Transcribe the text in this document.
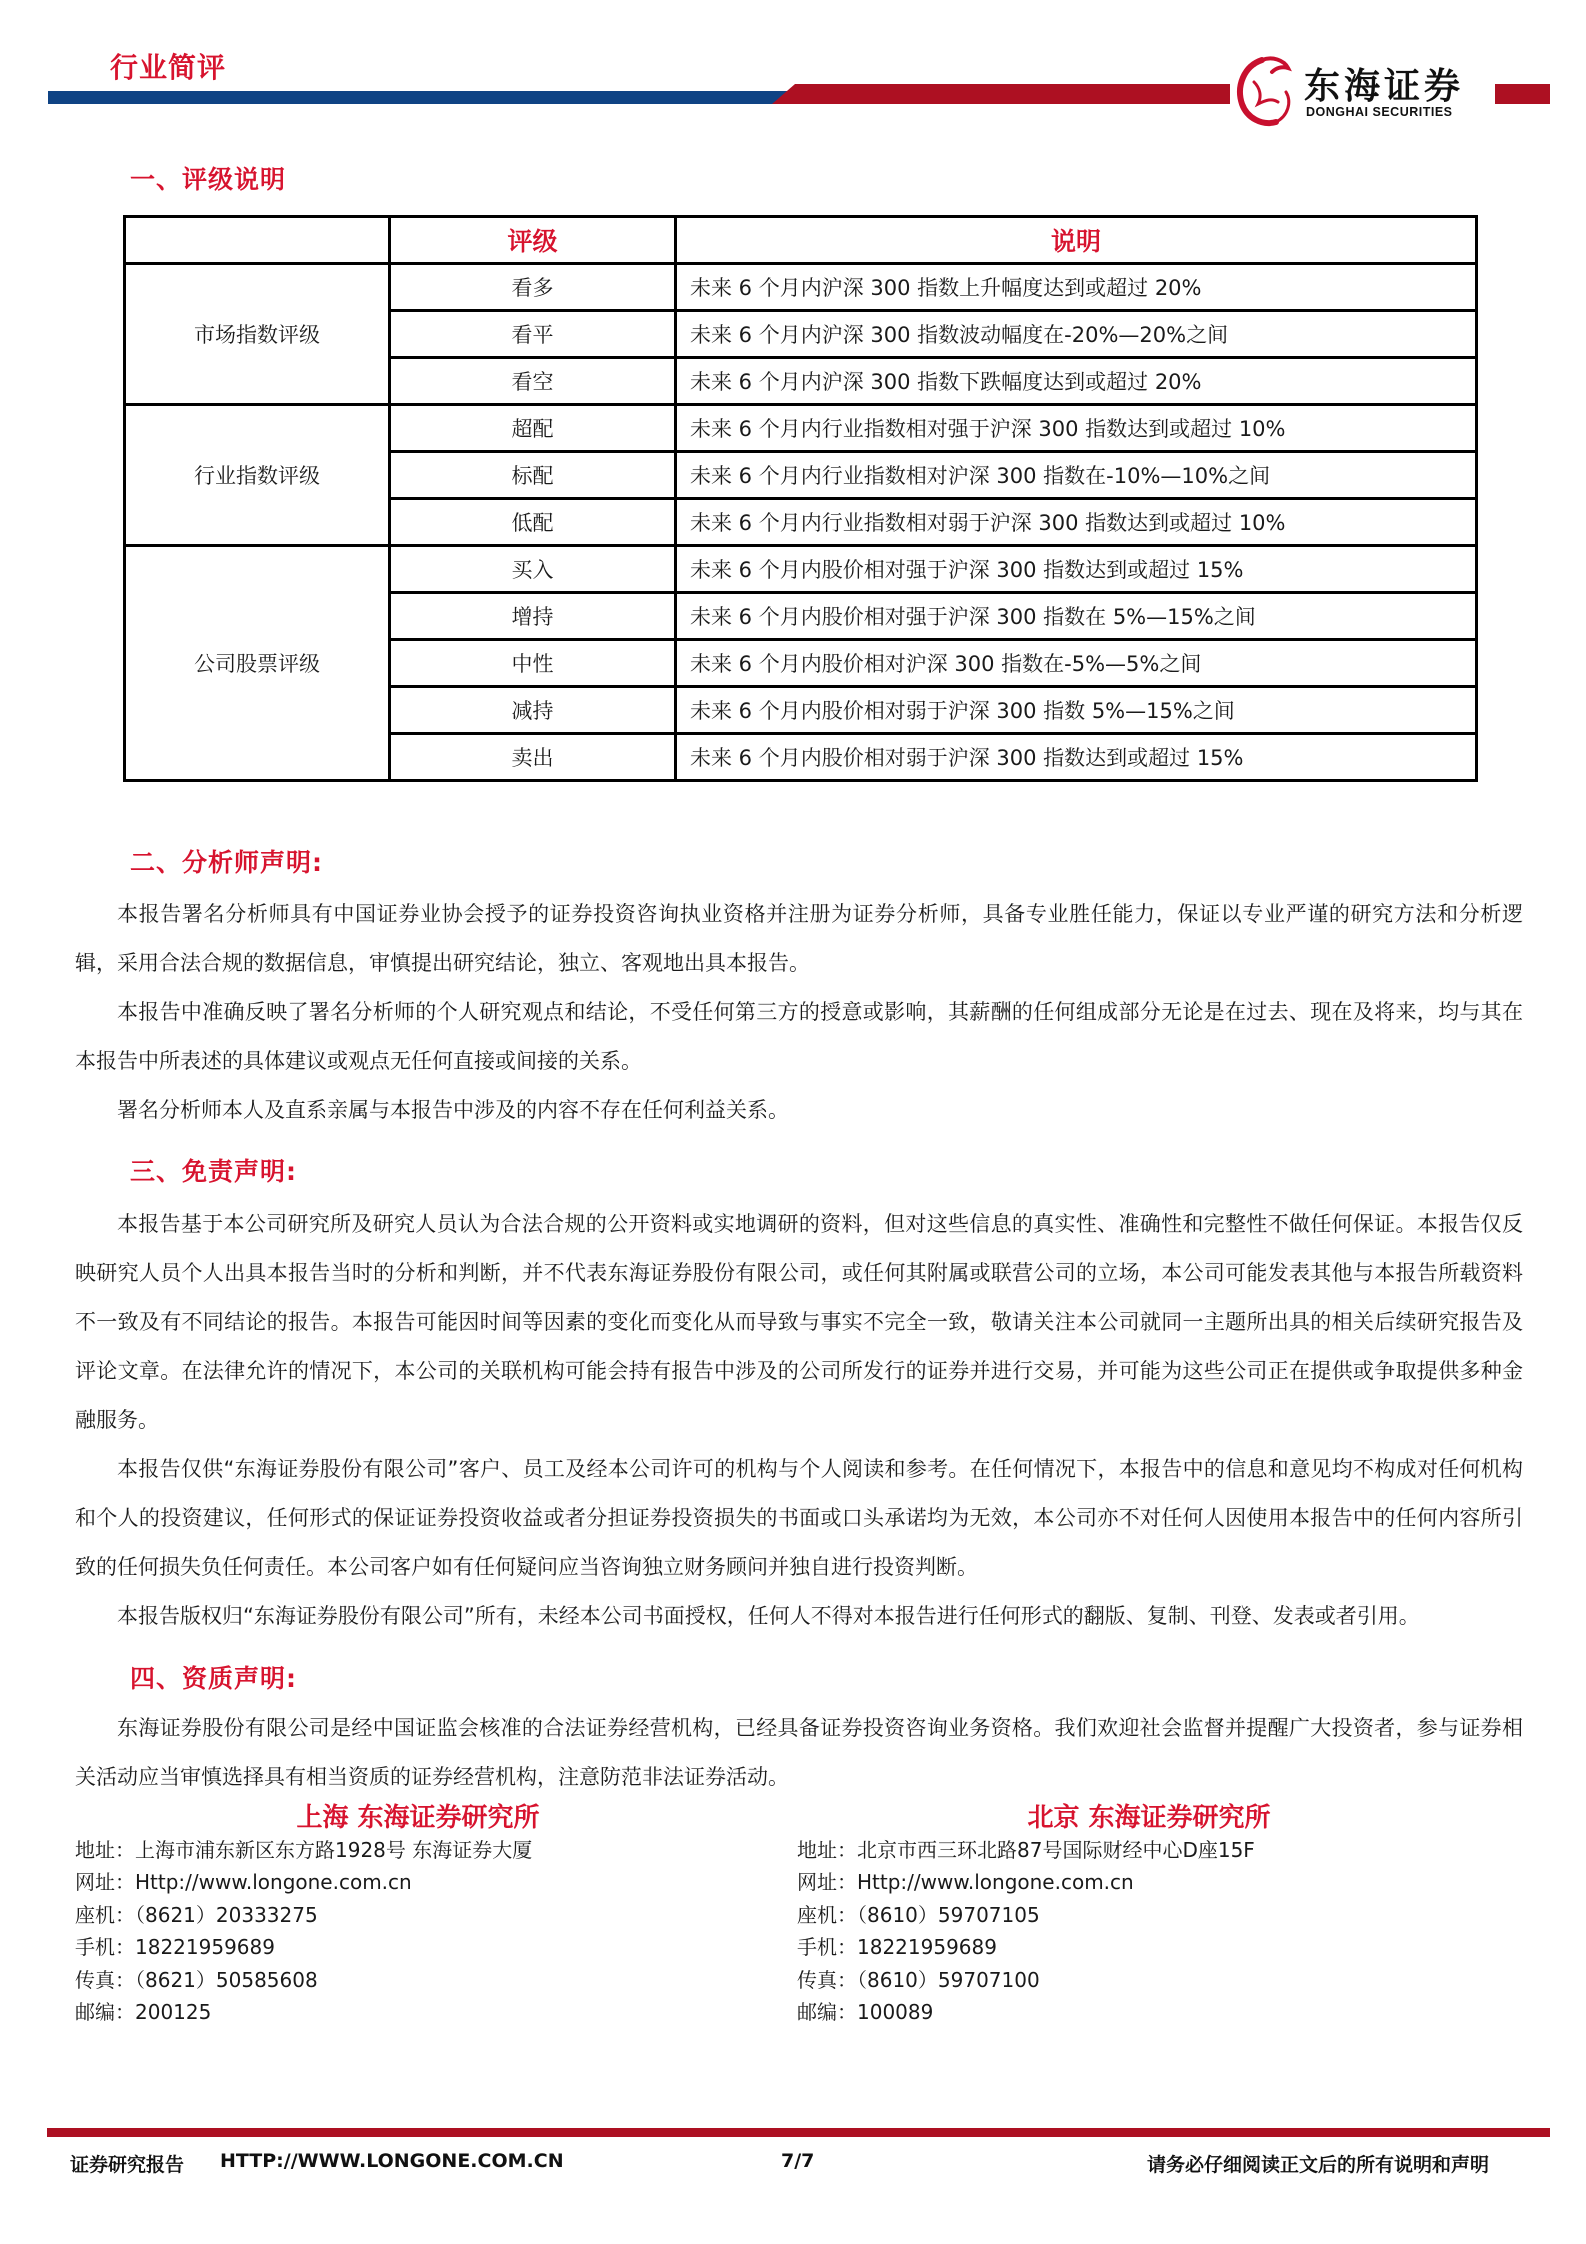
行业简评	东海证券
DONGHAI SECURITIES
一、评级说明
	评级	说明
市场指数评级	看多	未来 6 个月内沪深 300 指数上升幅度达到或超过 20%
	看平	未来 6 个月内沪深 300 指数波动幅度在-20%—20%之间
	看空	未来 6 个月内沪深 300 指数下跌幅度达到或超过 20%
行业指数评级	超配	未来 6 个月内行业指数相对强于沪深 300 指数达到或超过 10%
	标配	未来 6 个月内行业指数相对沪深 300 指数在-10%—10%之间
	低配	未来 6 个月内行业指数相对弱于沪深 300 指数达到或超过 10%
公司股票评级	买入	未来 6 个月内股价相对强于沪深 300 指数达到或超过 15%
	增持	未来 6 个月内股价相对强于沪深 300 指数在 5%—15%之间
	中性	未来 6 个月内股价相对沪深 300 指数在-5%—5%之间
	减持	未来 6 个月内股价相对弱于沪深 300 指数 5%—15%之间
	卖出	未来 6 个月内股价相对弱于沪深 300 指数达到或超过 15%
二、分析师声明:

本报告署名分析师具有中国证券业协会授予的证券投资咨询执业资格并注册为证券分析师，具备专业胜任能力，保证以专业严谨的研究方法和分析逻辑，采用合法合规的数据信息，审慎提出研究结论，独立、客观地出具本报告。

本报告中准确反映了署名分析师的个人研究观点和结论，不受任何第三方的授意或影响，其薪酬的任何组成部分无论是在过去、现在及将来，均与其在本报告中所表述的具体建议或观点无任何直接或间接的关系。

署名分析师本人及直系亲属与本报告中涉及的内容不存在任何利益关系。

三、免责声明:

本报告基于本公司研究所及研究人员认为合法合规的公开资料或实地调研的资料，但对这些信息的真实性、准确性和完整性不做任何保证。本报告仅反映研究人员个人出具本报告当时的分析和判断，并不代表东海证券股份有限公司，或任何其附属或联营公司的立场，本公司可能发表其他与本报告所载资料不一致及有不同结论的报告。本报告可能因时间等因素的变化而变化从而导致与事实不完全一致，敬请关注本公司就同一主题所出具的相关后续研究报告及评论文章。在法律允许的情况下，本公司的关联机构可能会持有报告中涉及的公司所发行的证券并进行交易，并可能为这些公司正在提供或争取提供多种金融服务。

本报告仅供“东海证券股份有限公司”客户、员工及经本公司许可的机构与个人阅读和参考。在任何情况下，本报告中的信息和意见均不构成对任何机构和个人的投资建议，任何形式的保证证券投资收益或者分担证券投资损失的书面或口头承诺均为无效，本公司亦不对任何人因使用本报告中的任何内容所引致的任何损失负任何责任。本公司客户如有任何疑问应当咨询独立财务顾问并独自进行投资判断。

本报告版权归“东海证券股份有限公司”所有，未经本公司书面授权，任何人不得对本报告进行任何形式的翻版、复制、刊登、发表或者引用。

四、资质声明:

东海证券股份有限公司是经中国证监会核准的合法证券经营机构，已经具备证券投资咨询业务资格。我们欢迎社会监督并提醒广大投资者，参与证券相关活动应当审慎选择具有相当资质的证券经营机构，注意防范非法证券活动。

上海 东海证券研究所
地址：上海市浦东新区东方路1928号 东海证券大厦
网址：Http://www.longone.com.cn
座机：（8621）20333275
手机：18221959689
传真：（8621）50585608
邮编：200125
北京 东海证券研究所
地址：北京市西三环北路87号国际财经中心D座15F
网址：Http://www.longone.com.cn
座机：（8610）59707105
手机：18221959689
传真：（8610）59707100
邮编：100089
证券研究报告 HTTP://WWW.LONGONE.COM.CN	7/7	请务必仔细阅读正文后的所有说明和声明
